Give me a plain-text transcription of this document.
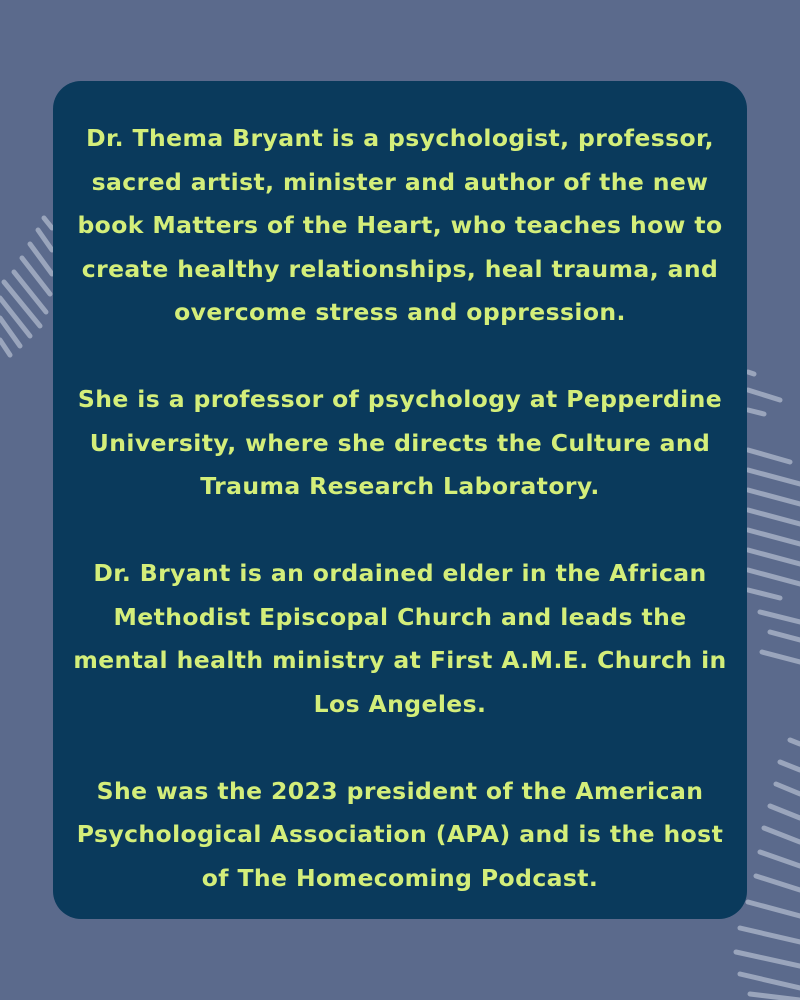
Dr. Thema Bryant is a psychologist, professor, sacred artist, minister and author of the new book Matters of the Heart, who teaches how to create healthy relationships, heal trauma, and overcome stress and oppression.

She is a professor of psychology at Pepperdine University, where she directs the Culture and Trauma Research Laboratory.

Dr. Bryant is an ordained elder in the African Methodist Episcopal Church and leads the mental health ministry at First A.M.E. Church in Los Angeles.

She was the 2023 president of the American Psychological Association (APA) and is the host of The Homecoming Podcast.
